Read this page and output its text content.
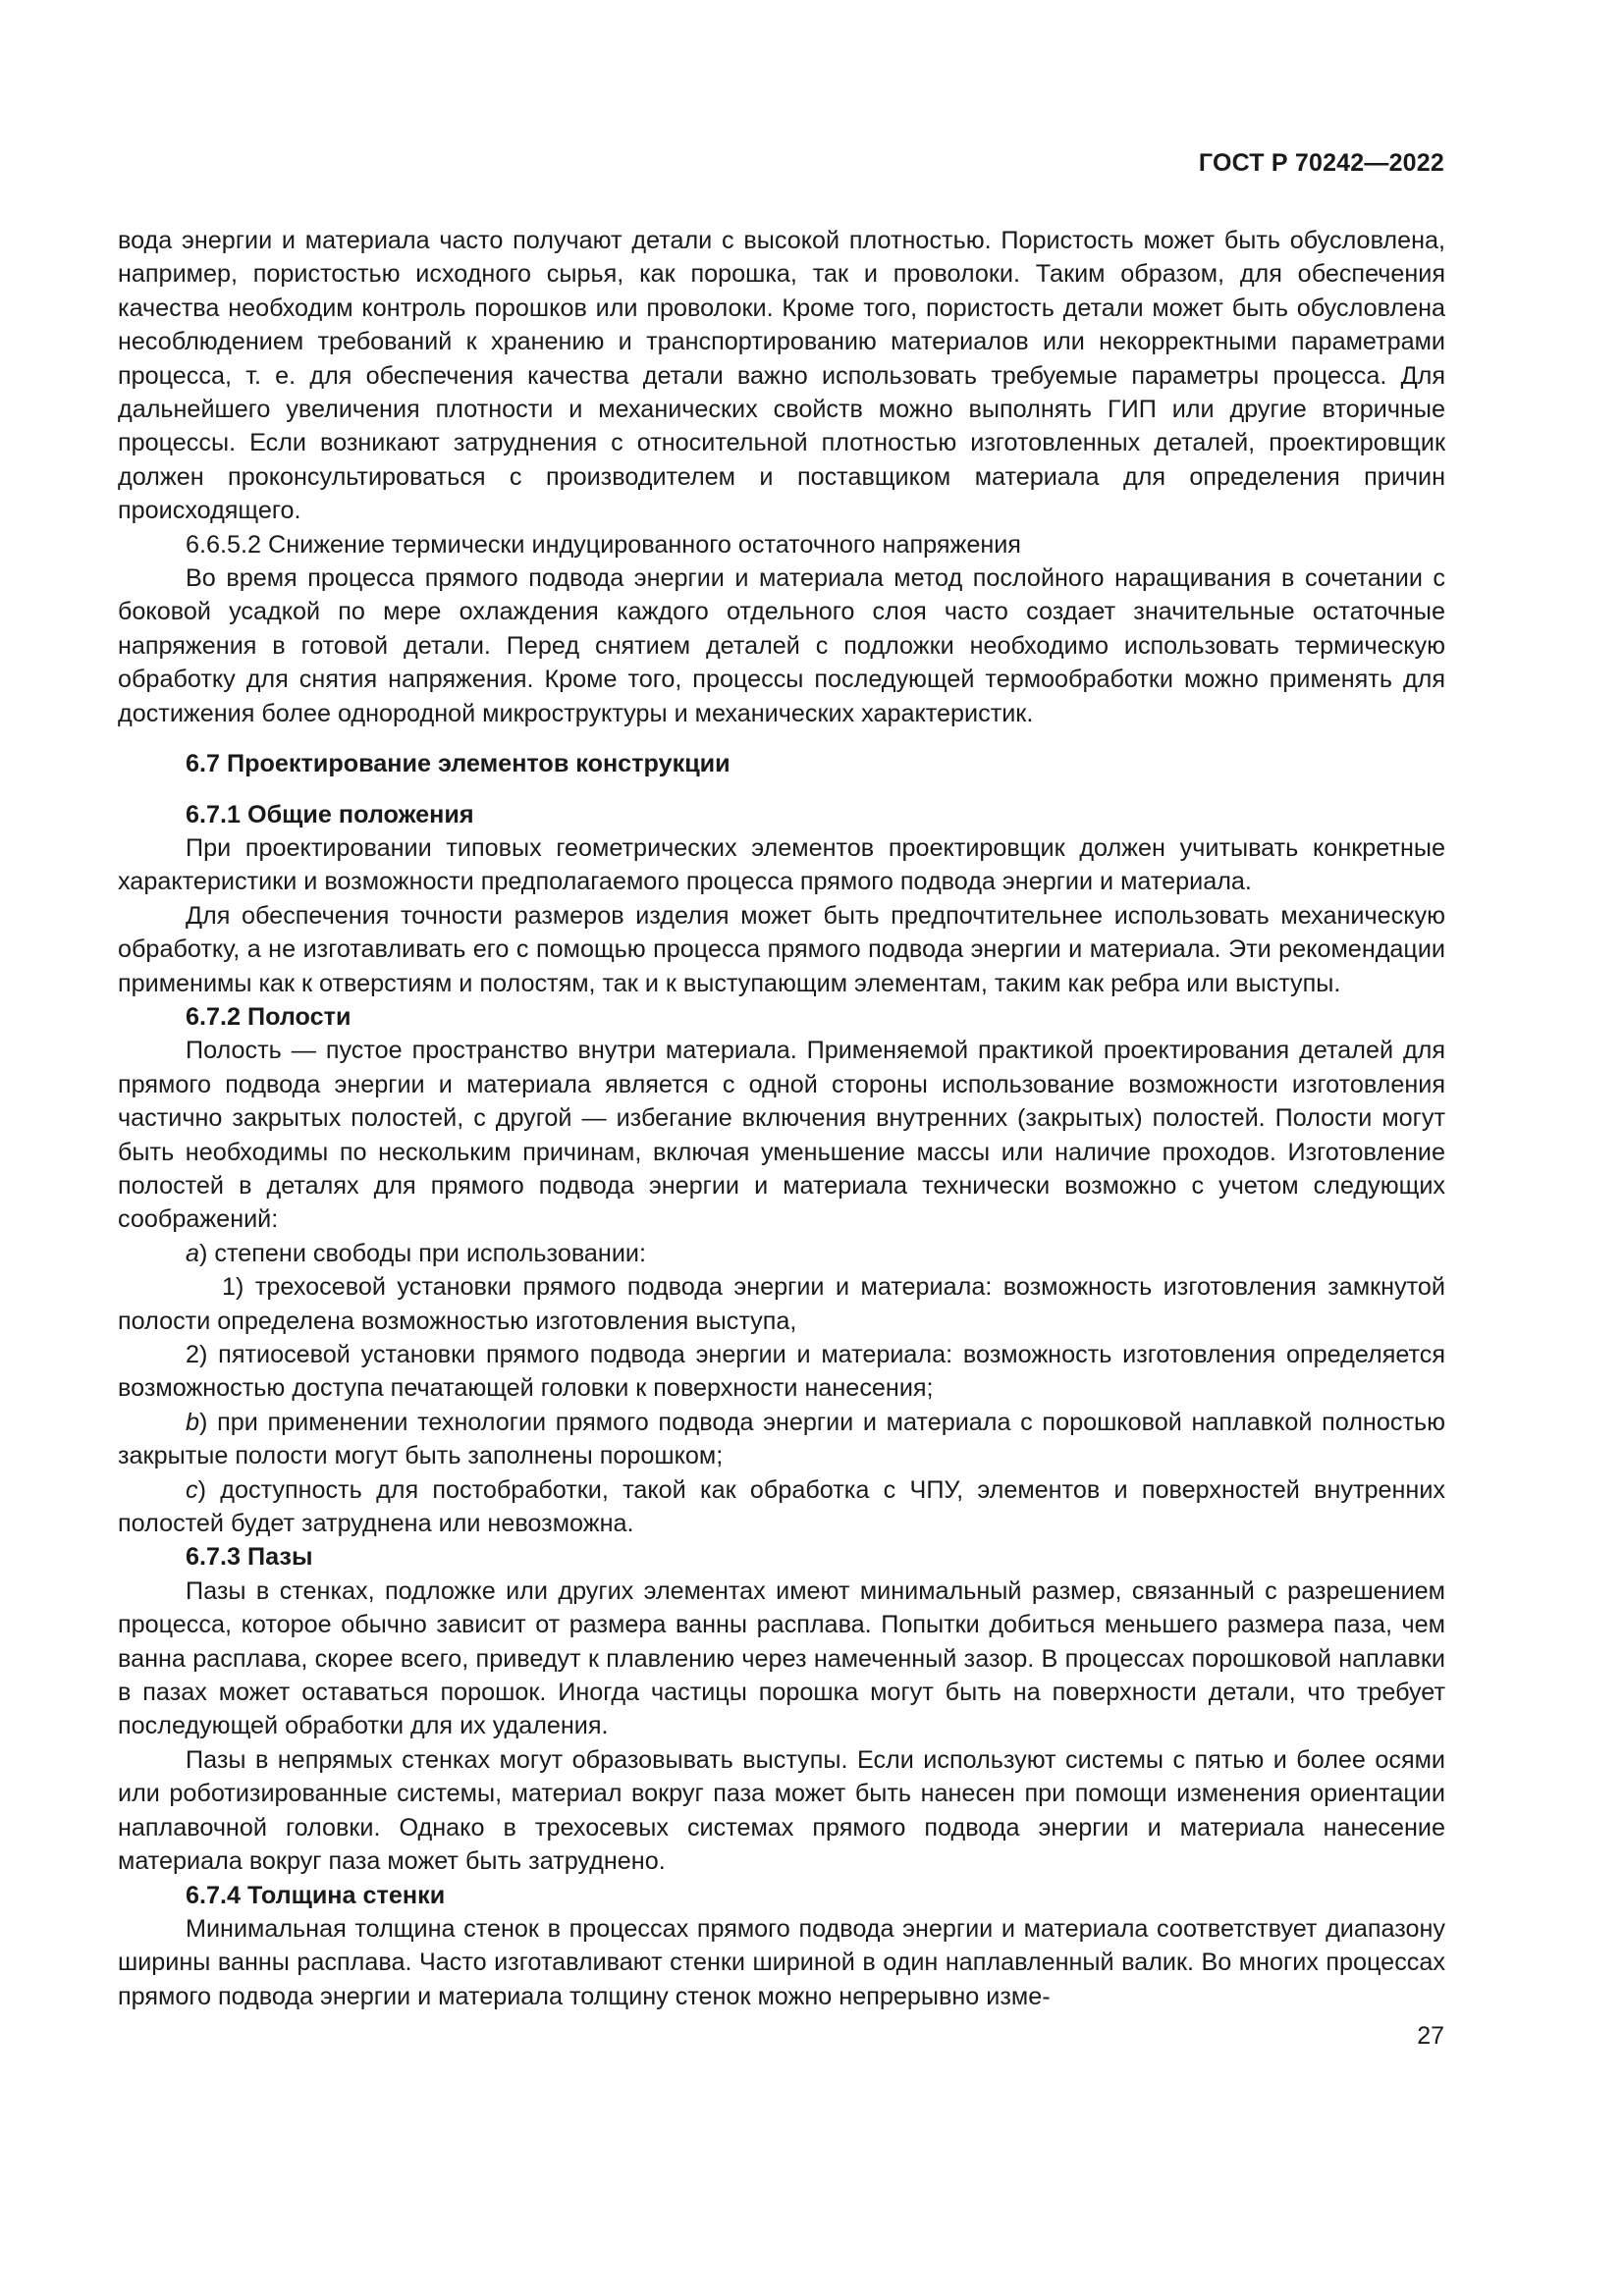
ГОСТ Р 70242—2022

вода энергии и материала часто получают детали с высокой плотностью. Пористость может быть обусловлена, например, пористостью исходного сырья, как порошка, так и проволоки. Таким образом, для обеспечения качества необходим контроль порошков или проволоки. Кроме того, пористость детали может быть обусловлена несоблюдением требований к хранению и транспортированию материалов или некорректными параметрами процесса, т. е. для обеспечения качества детали важно использовать требуемые параметры процесса. Для дальнейшего увеличения плотности и механических свойств можно выполнять ГИП или другие вторичные процессы. Если возникают затруднения с относительной плотностью изготовленных деталей, проектировщик должен проконсультироваться с производителем и поставщиком материала для определения причин происходящего.

6.6.5.2 Снижение термически индуцированного остаточного напряжения

Во время процесса прямого подвода энергии и материала метод послойного наращивания в сочетании с боковой усадкой по мере охлаждения каждого отдельного слоя часто создает значительные остаточные напряжения в готовой детали. Перед снятием деталей с подложки необходимо использовать термическую обработку для снятия напряжения. Кроме того, процессы последующей термообработки можно применять для достижения более однородной микроструктуры и механических характеристик.

6.7 Проектирование элементов конструкции

6.7.1 Общие положения

При проектировании типовых геометрических элементов проектировщик должен учитывать конкретные характеристики и возможности предполагаемого процесса прямого подвода энергии и материала.

Для обеспечения точности размеров изделия может быть предпочтительнее использовать механическую обработку, а не изготавливать его с помощью процесса прямого подвода энергии и материала. Эти рекомендации применимы как к отверстиям и полостям, так и к выступающим элементам, таким как ребра или выступы.

6.7.2 Полости

Полость — пустое пространство внутри материала. Применяемой практикой проектирования деталей для прямого подвода энергии и материала является с одной стороны использование возможности изготовления частично закрытых полостей, с другой — избегание включения внутренних (закрытых) полостей. Полости могут быть необходимы по нескольким причинам, включая уменьшение массы или наличие проходов. Изготовление полостей в деталях для прямого подвода энергии и материала технически возможно с учетом следующих соображений:

a) степени свободы при использовании:

1) трехосевой установки прямого подвода энергии и материала: возможность изготовления замкнутой полости определена возможностью изготовления выступа,

2) пятиосевой установки прямого подвода энергии и материала: возможность изготовления определяется возможностью доступа печатающей головки к поверхности нанесения;

b) при применении технологии прямого подвода энергии и материала с порошковой наплавкой полностью закрытые полости могут быть заполнены порошком;

c) доступность для постобработки, такой как обработка с ЧПУ, элементов и поверхностей внутренних полостей будет затруднена или невозможна.

6.7.3 Пазы

Пазы в стенках, подложке или других элементах имеют минимальный размер, связанный с разрешением процесса, которое обычно зависит от размера ванны расплава. Попытки добиться меньшего размера паза, чем ванна расплава, скорее всего, приведут к плавлению через намеченный зазор. В процессах порошковой наплавки в пазах может оставаться порошок. Иногда частицы порошка могут быть на поверхности детали, что требует последующей обработки для их удаления.

Пазы в непрямых стенках могут образовывать выступы. Если используют системы с пятью и более осями или роботизированные системы, материал вокруг паза может быть нанесен при помощи изменения ориентации наплавочной головки. Однако в трехосевых системах прямого подвода энергии и материала нанесение материала вокруг паза может быть затруднено.

6.7.4 Толщина стенки

Минимальная толщина стенок в процессах прямого подвода энергии и материала соответствует диапазону ширины ванны расплава. Часто изготавливают стенки шириной в один наплавленный валик. Во многих процессах прямого подвода энергии и материала толщину стенок можно непрерывно изме-

27
